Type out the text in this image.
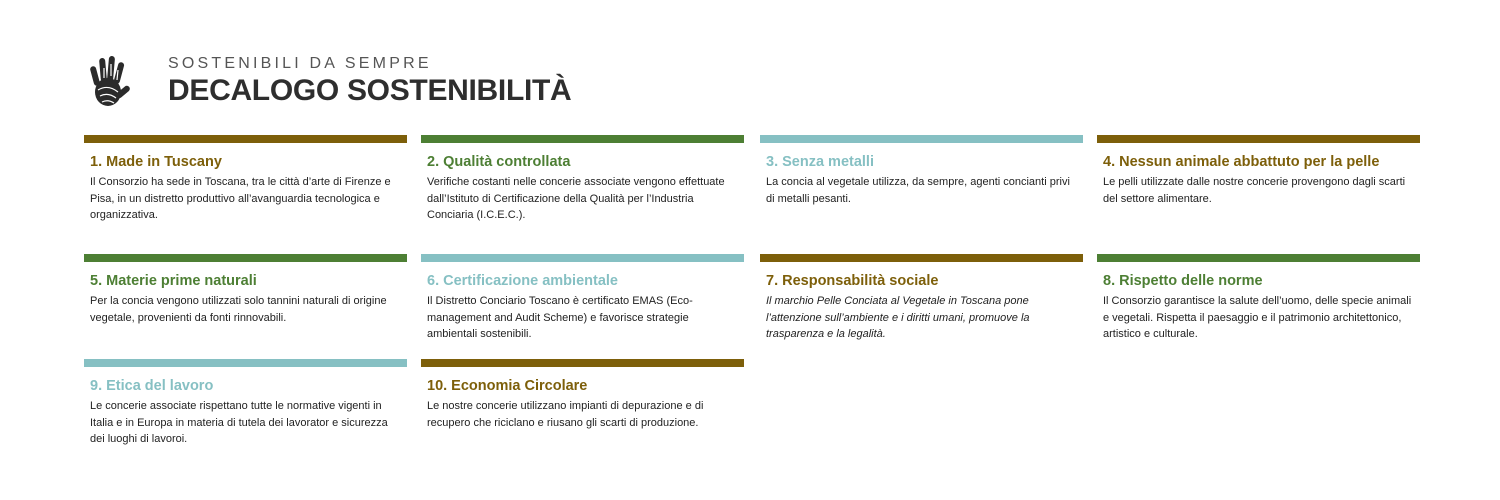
SOSTENIBILI DA SEMPRE
DECALOGO SOSTENIBILITÀ
1. Made in Tuscany
Il Consorzio ha sede in Toscana, tra le città d’arte di Firenze e Pisa, in un distretto produttivo all’avanguardia tecnologica e organizzativa.
2. Qualità controllata
Verifiche costanti nelle concerie associate vengono effettuate dall’Istituto di Certificazione della Qualità per l’Industria Conciaria (I.C.E.C.).
3. Senza metalli
La concia al vegetale utilizza, da sempre, agenti concianti privi di metalli pesanti.
4. Nessun animale abbattuto per la pelle
Le pelli utilizzate dalle nostre concerie provengono dagli scarti del settore alimentare.
5. Materie prime naturali
Per la concia vengono utilizzati solo tannini naturali di origine vegetale, provenienti da fonti rinnovabili.
6. Certificazione ambientale
Il Distretto Conciario Toscano è certificato EMAS (Eco-management and Audit Scheme) e favorisce strategie ambientali sostenibili.
7. Responsabilità sociale
Il marchio Pelle Conciata al Vegetale in Toscana pone l’attenzione sull’ambiente e i diritti umani, promuove la trasparenza e la legalità.
8. Rispetto delle norme
Il Consorzio garantisce la salute dell’uomo, delle specie animali e vegetali. Rispetta il paesaggio e il patrimonio architettonico, artistico e culturale.
9. Etica del lavoro
Le concerie associate rispettano tutte le normative vigenti in Italia e in Europa in materia di tutela dei lavorator e sicurezza dei luoghi di lavoroi.
10. Economia Circolare
Le nostre concerie utilizzano impianti di depurazione e di recupero che riciclano e riusano gli scarti di produzione.
